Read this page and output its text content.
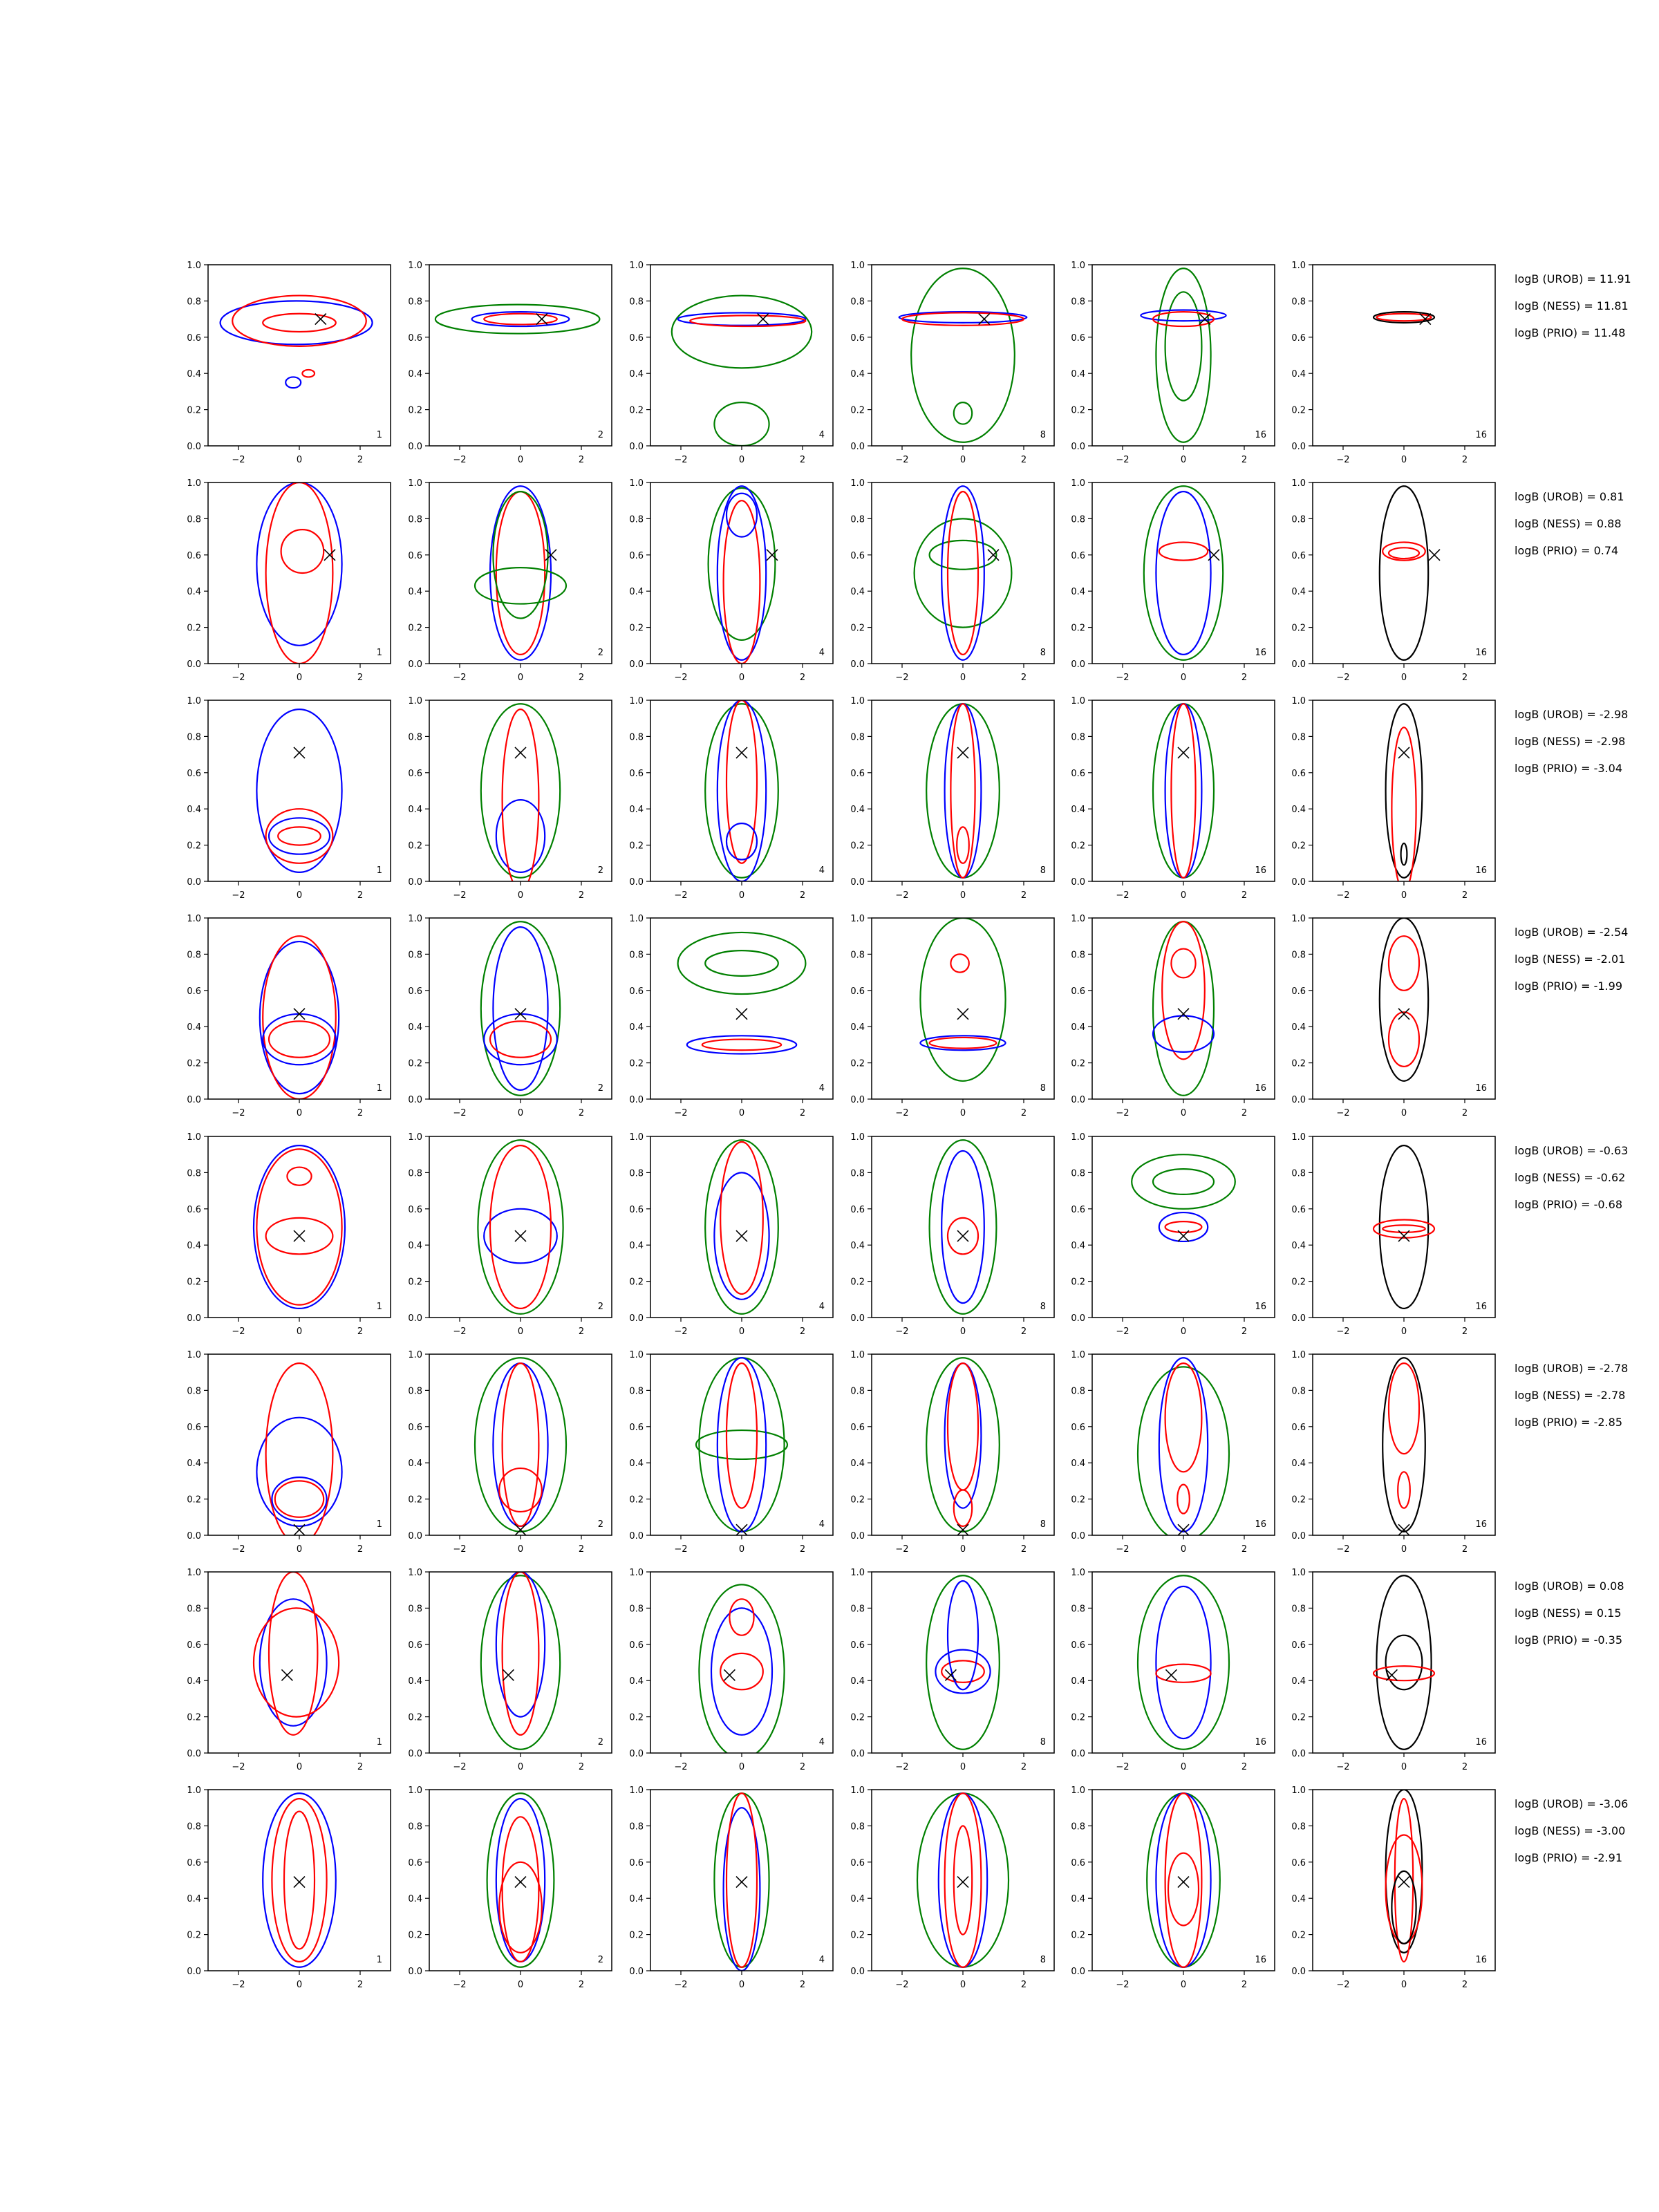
−2	0	2
0.0
0.2
0.4
0.6
0.8
1.0
1
−2	0	2
0.0
0.2
0.4
0.6
0.8
1.0
2
−2	0	2
0.0
0.2
0.4
0.6
0.8
1.0
4
−2	0	2
0.0
0.2
0.4
0.6
0.8
1.0
8
−2	0	2
0.0
0.2
0.4
0.6
0.8
1.0
16
−2	0	2
0.0
0.2
0.4
0.6
0.8
1.0
16
−2	0	2
0.0
0.2
0.4
0.6
0.8
1.0
1
−2	0	2
0.0
0.2
0.4
0.6
0.8
1.0
2
−2	0	2
0.0
0.2
0.4
0.6
0.8
1.0
4
−2	0	2
0.0
0.2
0.4
0.6
0.8
1.0
8
−2	0	2
0.0
0.2
0.4
0.6
0.8
1.0
16
−2	0	2
0.0
0.2
0.4
0.6
0.8
1.0
16
−2	0	2
0.0
0.2
0.4
0.6
0.8
1.0
1
−2	0	2
0.0
0.2
0.4
0.6
0.8
1.0
2
−2	0	2
0.0
0.2
0.4
0.6
0.8
1.0
4
−2	0	2
0.0
0.2
0.4
0.6
0.8
1.0
8
−2	0	2
0.0
0.2
0.4
0.6
0.8
1.0
16
−2	0	2
0.0
0.2
0.4
0.6
0.8
1.0
16
−2	0	2
0.0
0.2
0.4
0.6
0.8
1.0
1
−2	0	2
0.0
0.2
0.4
0.6
0.8
1.0
2
−2	0	2
0.0
0.2
0.4
0.6
0.8
1.0
4
−2	0	2
0.0
0.2
0.4
0.6
0.8
1.0
8
−2	0	2
0.0
0.2
0.4
0.6
0.8
1.0
16
−2	0	2
0.0
0.2
0.4
0.6
0.8
1.0
16
−2	0	2
0.0
0.2
0.4
0.6
0.8
1.0
1
−2	0	2
0.0
0.2
0.4
0.6
0.8
1.0
2
−2	0	2
0.0
0.2
0.4
0.6
0.8
1.0
4
−2	0	2
0.0
0.2
0.4
0.6
0.8
1.0
8
−2	0	2
0.0
0.2
0.4
0.6
0.8
1.0
16
−2	0	2
0.0
0.2
0.4
0.6
0.8
1.0
16
−2	0	2
0.0
0.2
0.4
0.6
0.8
1.0
1
−2	0	2
0.0
0.2
0.4
0.6
0.8
1.0
2
−2	0	2
0.0
0.2
0.4
0.6
0.8
1.0
4
−2	0	2
0.0
0.2
0.4
0.6
0.8
1.0
8
−2	0	2
0.0
0.2
0.4
0.6
0.8
1.0
16
−2	0	2
0.0
0.2
0.4
0.6
0.8
1.0
16
−2	0	2
0.0
0.2
0.4
0.6
0.8
1.0
1
−2	0	2
0.0
0.2
0.4
0.6
0.8
1.0
2
−2	0	2
0.0
0.2
0.4
0.6
0.8
1.0
4
−2	0	2
0.0
0.2
0.4
0.6
0.8
1.0
8
−2	0	2
0.0
0.2
0.4
0.6
0.8
1.0
16
−2	0	2
0.0
0.2
0.4
0.6
0.8
1.0
16
−2	0	2
0.0
0.2
0.4
0.6
0.8
1.0
1
−2	0	2
0.0
0.2
0.4
0.6
0.8
1.0
2
−2	0	2
0.0
0.2
0.4
0.6
0.8
1.0
4
−2	0	2
0.0
0.2
0.4
0.6
0.8
1.0
8
−2	0	2
0.0
0.2
0.4
0.6
0.8
1.0
16
−2	0	2
0.0
0.2
0.4
0.6
0.8
1.0
16
logB (UROB) = 11.91
logB (NESS) = 11.81
logB (PRIO) = 11.48
logB (UROB) = 0.81
logB (NESS) = 0.88
logB (PRIO) = 0.74
logB (UROB) = -2.98
logB (NESS) = -2.98
logB (PRIO) = -3.04
logB (UROB) = -2.54
logB (NESS) = -2.01
logB (PRIO) = -1.99
logB (UROB) = -0.63
logB (NESS) = -0.62
logB (PRIO) = -0.68
logB (UROB) = -2.78
logB (NESS) = -2.78
logB (PRIO) = -2.85
logB (UROB) = 0.08
logB (NESS) = 0.15
logB (PRIO) = -0.35
logB (UROB) = -3.06
logB (NESS) = -3.00
logB (PRIO) = -2.91
